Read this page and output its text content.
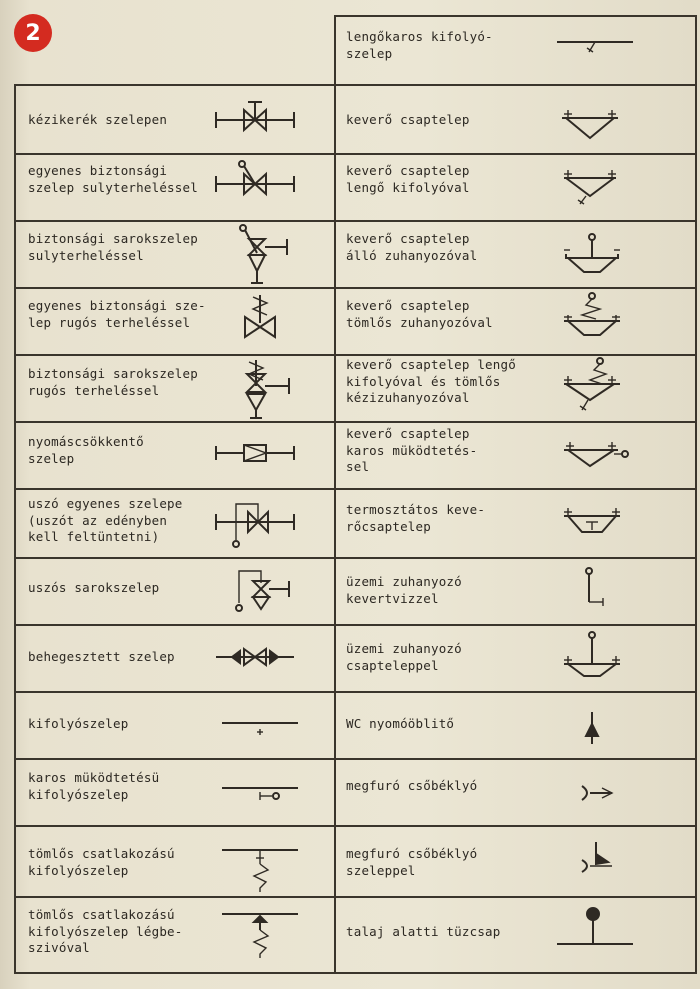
2
kézikerék szelepen
egyenes biztonsági
szelep sulyterheléssel
biztonsági sarokszelep
sulyterheléssel
egyenes biztonsági sze-
lep rugós terheléssel
biztonsági sarokszelep
rugós terheléssel
nyomáscsökkentő
szelep
uszó egyenes szelepe
(uszót az edényben
kell feltüntetni)
uszós sarokszelep
behegesztett szelep
kifolyószelep
karos müködtetésü
kifolyószelep
tömlős csatlakozású
kifolyószelep
tömlős csatlakozású
kifolyószelep légbe-
szivóval
lengőkaros kifolyó-
szelep
keverő csaptelep
keverő csaptelep
lengő kifolyóval
keverő csaptelep
álló zuhanyozóval
keverő csaptelep
tömlős zuhanyozóval
keverő csaptelep lengő
kifolyóval és tömlős
kézizuhanyozóval
keverő csaptelep
karos müködtetés-
sel
termosztátos keve-
rőcsaptelep
üzemi zuhanyozó
kevertvizzel
üzemi zuhanyozó
csapteleppel
WC nyomóöblitő
megfuró csőbéklyó
megfuró csőbéklyó
szeleppel
talaj alatti tüzcsap
